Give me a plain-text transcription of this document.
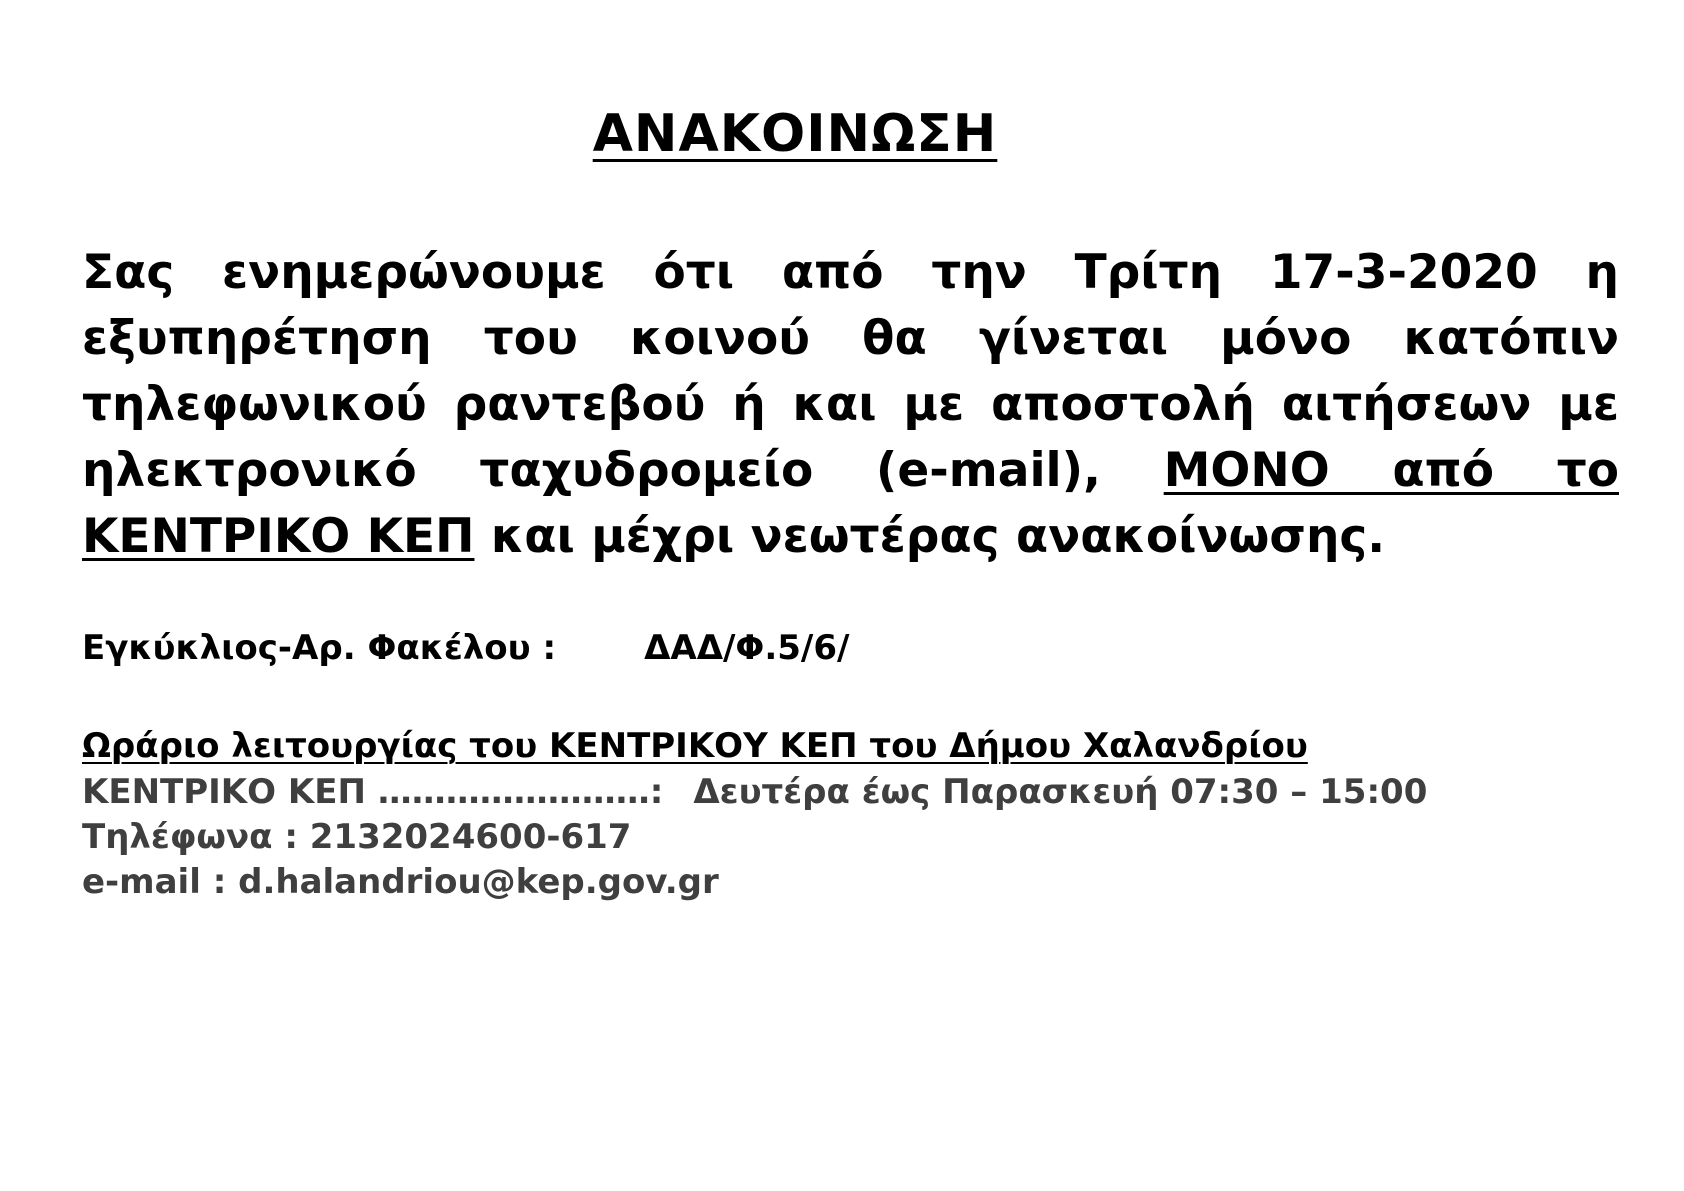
ΑΝΑΚΟΙΝΩΣΗ

Σας ενημερώνουμε ότι από την Τρίτη 17-3-2020 η εξυπηρέτηση του κοινού θα γίνεται μόνο κατόπιν τηλεφωνικού ραντεβού ή και με αποστολή αιτήσεων με ηλεκτρονικό ταχυδρομείο (e-mail), ΜΟΝΟ από το ΚΕΝΤΡΙΚΟ ΚΕΠ και μέχρι νεωτέρας ανακοίνωσης.

Εγκύκλιος-Αρ. Φακέλου :	ΔΑΔ/Φ.5/6/

Ωράριο λειτουργίας του ΚΕΝΤΡΙΚΟΥ ΚΕΠ του Δήμου Χαλανδρίου

ΚΕΝΤΡΙΚΟ ΚΕΠ ……………………: Δευτέρα έως Παρασκευή 07:30 – 15:00

Τηλέφωνα : 2132024600-617

e-mail : d.halandriou@kep.gov.gr
